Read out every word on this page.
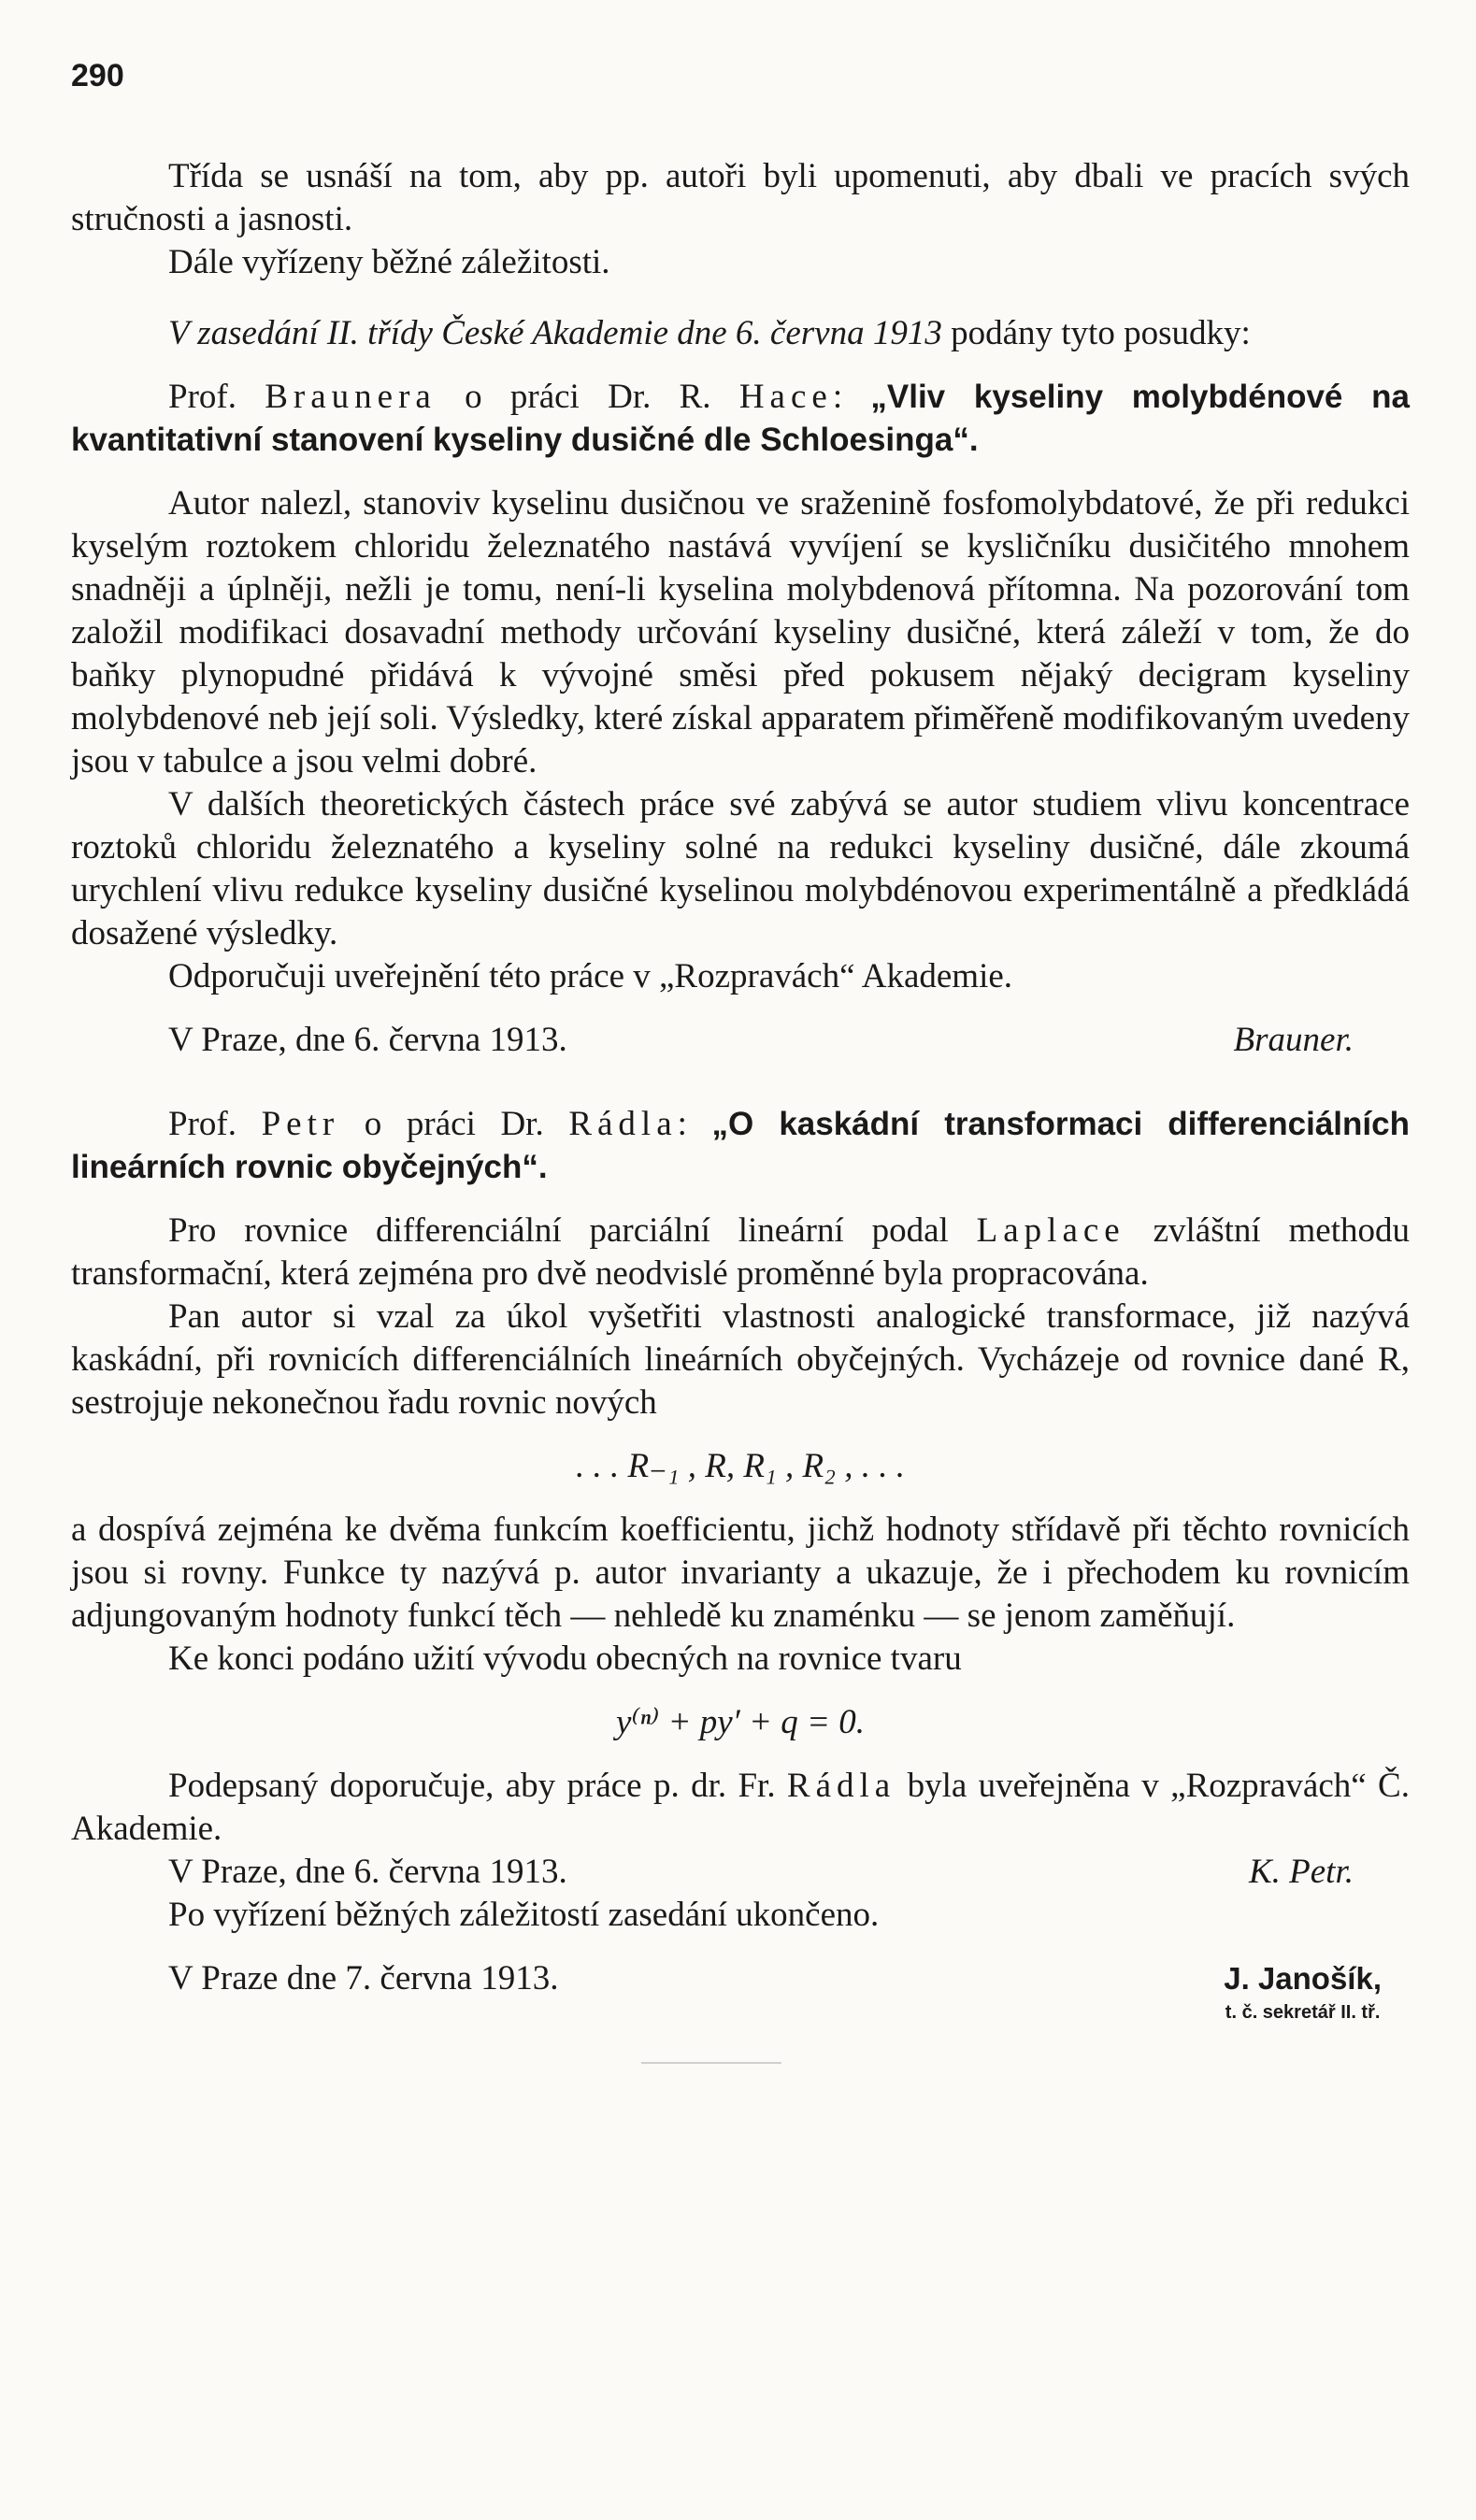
290

Třída se usnáší na tom, aby pp. autoři byli upomenuti, aby dbali ve pracích svých stručnosti a jasnosti.

Dále vyřízeny běžné záležitosti.

V zasedání II. třídy České Akademie dne 6. června 1913 podány tyto posudky:

Prof. Braunera o práci Dr. R. Hace: „Vliv kyseliny molybdénové na kvantitativní stanovení kyseliny dusičné dle Schloesinga“.

Autor nalezl, stanoviv kyselinu dusičnou ve sraženině fosfomolybdatové, že při redukci kyselým roztokem chloridu železnatého nastává vyvíjení se kysličníku dusičitého mnohem snadněji a úplněji, nežli je tomu, není-li kyselina molybdenová přítomna. Na pozorování tom založil modifikaci dosavadní methody určování kyseliny dusičné, která záleží v tom, že do baňky plynopudné přidává k vývojné směsi před pokusem nějaký decigram kyseliny molybdenové neb její soli. Výsledky, které získal apparatem přiměřeně modifikovaným uvedeny jsou v tabulce a jsou velmi dobré.

V dalších theoretických částech práce své zabývá se autor studiem vlivu koncentrace roztoků chloridu železnatého a kyseliny solné na redukci kyseliny dusičné, dále zkoumá urychlení vlivu redukce kyseliny dusičné kyselinou molybdénovou experimentálně a předkládá dosažené výsledky.

Odporučuji uveřejnění této práce v „Rozpravách“ Akademie.

V Praze, dne 6. června 1913.	Brauner.

Prof. Petr o práci Dr. Rádla: „O kaskádní transformaci differenciálních lineárních rovnic obyčejných“.

Pro rovnice differenciální parciální lineární podal Laplace zvláštní methodu transformační, která zejména pro dvě neodvislé proměnné byla propracována.

Pan autor si vzal za úkol vyšetřiti vlastnosti analogické transformace, již nazývá kaskádní, při rovnicích differenciálních lineárních obyčejných. Vycházeje od rovnice dané R, sestrojuje nekonečnou řadu rovnic nových

. . . R₋₁ , R, R₁ , R₂ , . . .

a dospívá zejména ke dvěma funkcím koefficientu, jichž hodnoty střídavě při těchto rovnicích jsou si rovny. Funkce ty nazývá p. autor invarianty a ukazuje, že i přechodem ku rovnicím adjungovaným hodnoty funkcí těch — nehledě ku znaménku — se jenom zaměňují.

Ke konci podáno užití vývodu obecných na rovnice tvaru

y⁽ⁿ⁾ + py′ + q = 0.

Podepsaný doporučuje, aby práce p. dr. Fr. Rádla byla uveřejněna v „Rozpravách“ Č. Akademie.

V Praze, dne 6. června 1913.	K. Petr.

Po vyřízení běžných záležitostí zasedání ukončeno.

V Praze dne 7. června 1913.	J. Janošík,
t. č. sekretář II. tř.
